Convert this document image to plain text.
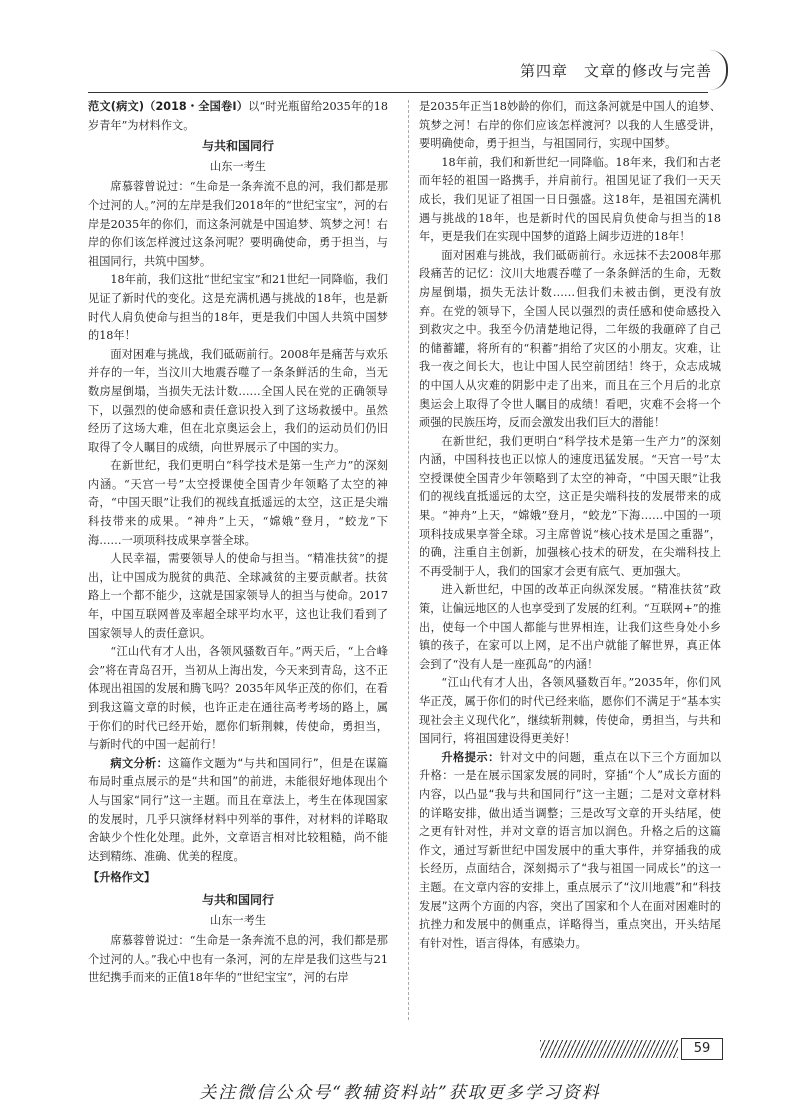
第四章　文章的修改与完善

范文(病文)（2018・全国卷Ⅰ）以“时光瓶留给2035年的18岁青年”为材料作文。

与共和国同行
山东一考生

席慕蓉曾说过：“生命是一条奔流不息的河，我们都是那个过河的人。”河的左岸是我们2018年的“世纪宝宝”，河的右岸是2035年的你们，而这条河就是中国追梦、筑梦之河！右岸的你们该怎样渡过这条河呢？要明确使命，勇于担当，与祖国同行，共筑中国梦。

18年前，我们这批“世纪宝宝”和21世纪一同降临，我们见证了新时代的变化。这是充满机遇与挑战的18年，也是新时代人肩负使命与担当的18年，更是我们中国人共筑中国梦的18年！

面对困难与挑战，我们砥砺前行。2008年是痛苦与欢乐并存的一年，当汶川大地震吞噬了一条条鲜活的生命，当无数房屋倒塌，当损失无法计数……全国人民在党的正确领导下，以强烈的使命感和责任意识投入到了这场救援中。虽然经历了这场大难，但在北京奥运会上，我们的运动员们仍旧取得了令人瞩目的成绩，向世界展示了中国的实力。

在新世纪，我们更明白“科学技术是第一生产力”的深刻内涵。“天宫一号”太空授课使全国青少年领略了太空的神奇，“中国天眼”让我们的视线直抵遥远的太空，这正是尖端科技带来的成果。“神舟”上天，“嫦娥”登月，“蛟龙”下海……一项项科技成果享誉全球。

人民幸福，需要领导人的使命与担当。“精准扶贫”的提出，让中国成为脱贫的典范、全球减贫的主要贡献者。扶贫路上一个都不能少，这就是国家领导人的担当与使命。2017年，中国互联网普及率超全球平均水平，这也让我们看到了国家领导人的责任意识。

“江山代有才人出，各领风骚数百年。”两天后，“上合峰会”将在青岛召开，当初从上海出发，今天来到青岛，这不正体现出祖国的发展和腾飞吗？2035年风华正茂的你们，在看到我这篇文章的时候，也许正走在通往高考考场的路上，属于你们的时代已经开始，愿你们斩荆棘，传使命，勇担当，与新时代的中国一起前行！

病文分析：这篇作文题为“与共和国同行”，但是在谋篇布局时重点展示的是“共和国”的前进，未能很好地体现出个人与国家“同行”这一主题。而且在章法上，考生在体现国家的发展时，几乎只演绎材料中列举的事件，对材料的详略取舍缺少个性化处理。此外，文章语言相对比较粗糙，尚不能达到精练、准确、优美的程度。

【升格作文】
与共和国同行
山东一考生

席慕蓉曾说过：“生命是一条奔流不息的河，我们都是那个过河的人。”我心中也有一条河，河的左岸是我们这些与21世纪携手而来的正值18年华的“世纪宝宝”，河的右岸

是2035年正当18妙龄的你们，而这条河就是中国人的追梦、筑梦之河！右岸的你们应该怎样渡河？以我的人生感受讲，要明确使命，勇于担当，与祖国同行，实现中国梦。

18年前，我们和新世纪一同降临。18年来，我们和古老而年轻的祖国一路携手，并肩前行。祖国见证了我们一天天成长，我们见证了祖国一日日强盛。这18年，是祖国充满机遇与挑战的18年，也是新时代的国民肩负使命与担当的18年，更是我们在实现中国梦的道路上阔步迈进的18年！

面对困难与挑战，我们砥砺前行。永远抹不去2008年那段痛苦的记忆：汶川大地震吞噬了一条条鲜活的生命，无数房屋倒塌，损失无法计数……但我们未被击倒，更没有放弃。在党的领导下，全国人民以强烈的责任感和使命感投入到救灾之中。我至今仍清楚地记得，二年级的我砸碎了自己的储蓄罐，将所有的“积蓄”捐给了灾区的小朋友。灾难，让我一夜之间长大，也让中国人民空前团结！终于，众志成城的中国人从灾难的阴影中走了出来，而且在三个月后的北京奥运会上取得了令世人瞩目的成绩！看吧，灾难不会将一个顽强的民族压垮，反而会激发出我们巨大的潜能！

在新世纪，我们更明白“科学技术是第一生产力”的深刻内涵，中国科技也正以惊人的速度迅猛发展。“天宫一号”太空授课使全国青少年领略到了太空的神奇，“中国天眼”让我们的视线直抵遥远的太空，这正是尖端科技的发展带来的成果。“神舟”上天，“嫦娥”登月，“蛟龙”下海……中国的一项项科技成果享誉全球。习主席曾说“核心技术是国之重器”，的确，注重自主创新，加强核心技术的研发，在尖端科技上不再受制于人，我们的国家才会更有底气、更加强大。

进入新世纪，中国的改革正向纵深发展。“精准扶贫”政策，让偏远地区的人也享受到了发展的红利。“互联网+”的推出，使每一个中国人都能与世界相连，让我们这些身处小乡镇的孩子，在家可以上网，足不出户就能了解世界，真正体会到了“没有人是一座孤岛”的内涵！

“江山代有才人出，各领风骚数百年。”2035年，你们风华正茂，属于你们的时代已经来临，愿你们不满足于“基本实现社会主义现代化”，继续斩荆棘，传使命，勇担当，与共和国同行，将祖国建设得更美好！

升格提示：针对文中的问题，重点在以下三个方面加以升格：一是在展示国家发展的同时，穿插“个人”成长方面的内容，以凸显“我与共和国同行”这一主题；二是对文章材料的详略安排，做出适当调整；三是改写文章的开头结尾，使之更有针对性，并对文章的语言加以润色。升格之后的这篇作文，通过写新世纪中国发展中的重大事件，并穿插我的成长经历，点面结合，深刻揭示了“我与祖国一同成长”的这一主题。在文章内容的安排上，重点展示了“汶川地震”和“科技发展”这两个方面的内容，突出了国家和个人在面对困难时的抗挫力和发展中的侧重点，详略得当，重点突出，开头结尾有针对性，语言得体，有感染力。

59
关注微信公众号“教辅资料站”获取更多学习资料
